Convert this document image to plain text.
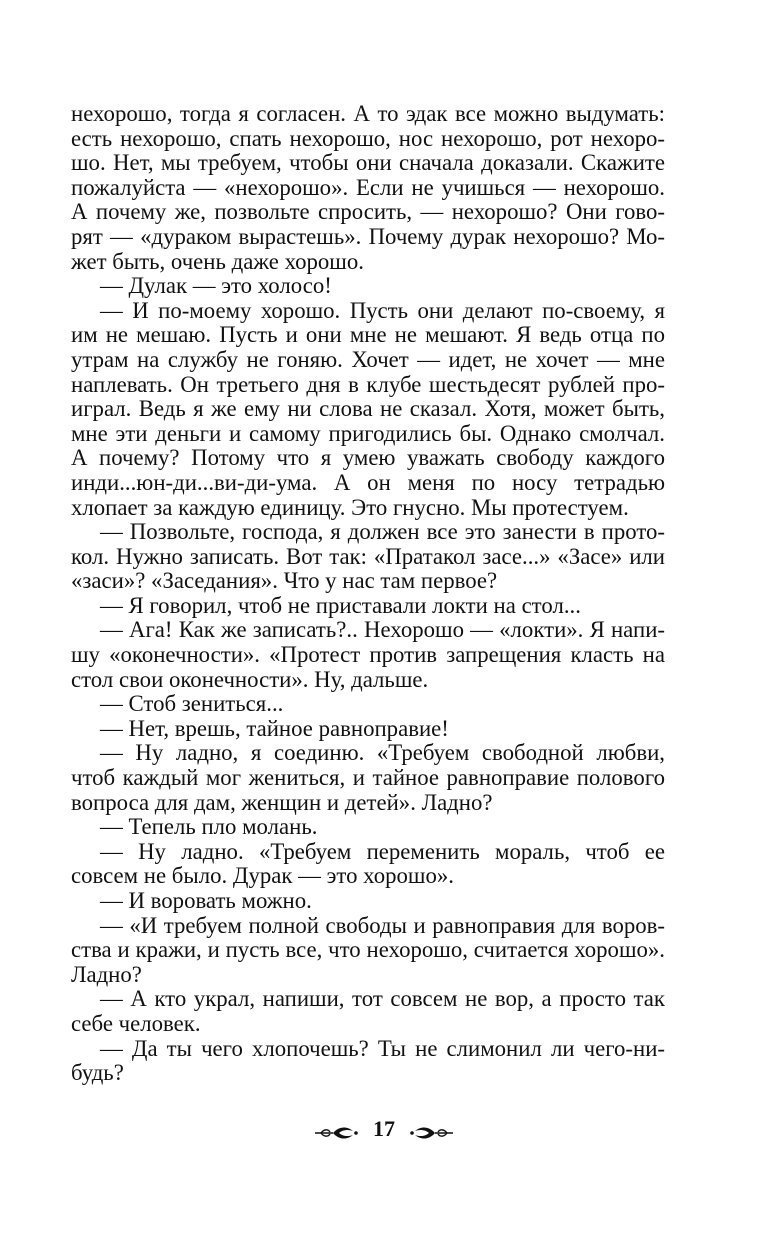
нехорошо, тогда я согласен. А то эдак все можно выдумать: есть нехорошо, спать нехорошо, нос нехорошо, рот нехорошо. Нет, мы требуем, чтобы они сначала доказали. Скажите пожалуйста — «нехорошо». Если не учишься — нехорошо. А почему же, позвольте спросить, — нехорошо? Они говорят — «дураком вырастешь». Почему дурак нехорошо? Может быть, очень даже хорошо.

— Дулак — это холосо!

— И по-моему хорошо. Пусть они делают по-своему, я им не мешаю. Пусть и они мне не мешают. Я ведь отца по утрам на службу не гоняю. Хочет — идет, не хочет — мне наплевать. Он третьего дня в клубе шестьдесят рублей проиграл. Ведь я же ему ни слова не сказал. Хотя, может быть, мне эти деньги и самому пригодились бы. Однако смолчал. А почему? Потому что я умею уважать свободу каждого инди...юн-ди...ви-ди-ума. А он меня по носу тетрадью хлопает за каждую единицу. Это гнусно. Мы протестуем.

— Позвольте, господа, я должен все это занести в протокол. Нужно записать. Вот так: «Пратакол засе...» «Засе» или «заси»? «Заседания». Что у нас там первое?

— Я говорил, чтоб не приставали локти на стол...

— Ага! Как же записать?.. Нехорошо — «локти». Я напишу «оконечности». «Протест против запрещения класть на стол свои оконечности». Ну, дальше.

— Стоб зениться...

— Нет, врешь, тайное равноправие!

— Ну ладно, я соединю. «Требуем свободной любви, чтоб каждый мог жениться, и тайное равноправие полового вопроса для дам, женщин и детей». Ладно?

— Тепель пло молань.

— Ну ладно. «Требуем переменить мораль, чтоб ее совсем не было. Дурак — это хорошо».

— И воровать можно.

— «И требуем полной свободы и равноправия для воровства и кражи, и пусть все, что нехорошо, считается хорошо». Ладно?

— А кто украл, напиши, тот совсем не вор, а просто так себе человек.

— Да ты чего хлопочешь? Ты не слимонил ли чего-нибудь?

17
